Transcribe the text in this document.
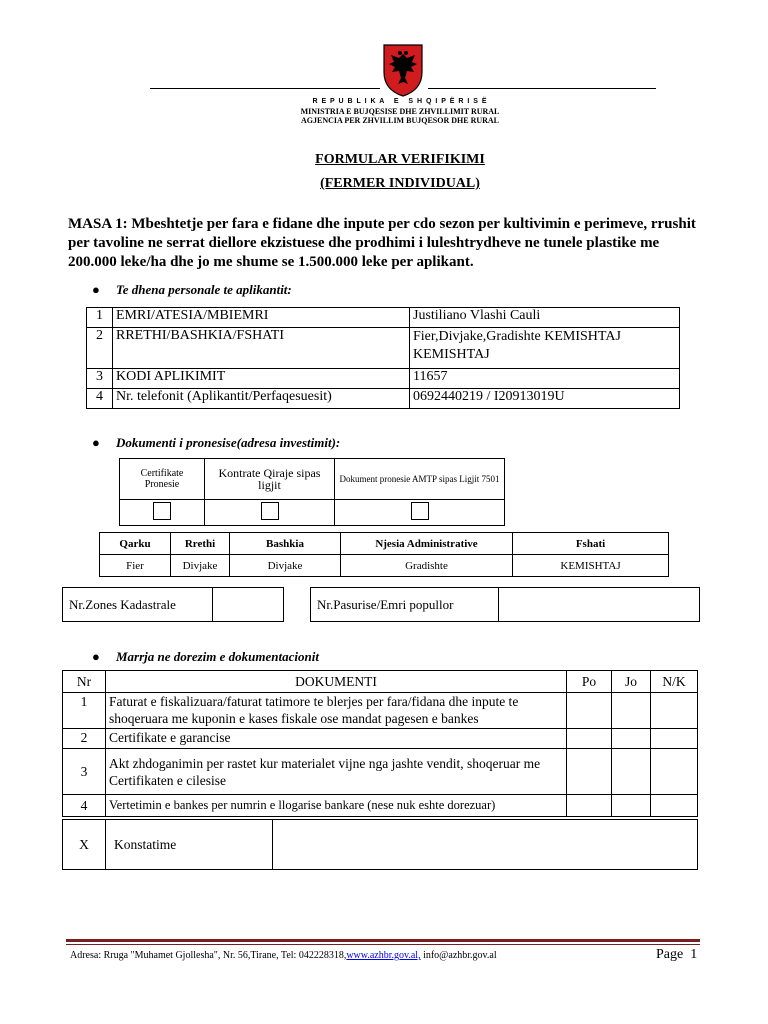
R E P U B L I K A   E   S H Q I P Ë R I S Ë
MINISTRIA E BUJQESISE DHE ZHVILLIMIT RURAL
AGJENCIA PER ZHVILLIM BUJQESOR DHE RURAL
FORMULAR VERIFIKIMI
(FERMER INDIVIDUAL)
MASA 1: Mbeshtetje per fara e fidane dhe inpute per cdo sezon per kultivimin e perimeve, rrushit per tavoline ne serrat diellore ekzistuese dhe prodhimi i luleshtrydheve ne tunele plastike me 200.000 leke/ha dhe jo me shume se 1.500.000 leke per aplikant.
● Te dhena personale te aplikantit:
1	EMRI/ATESIA/MBIEMRI	Justiliano Vlashi Cauli
2	RRETHI/BASHKIA/FSHATI	Fier,Divjake,Gradishte KEMISHTAJ KEMISHTAJ
3	KODI APLIKIMIT	11657
4	Nr. telefonit (Aplikantit/Perfaqesuesit)	0692440219 / I20913019U
● Dokumenti i pronesise(adresa investimit):
Certifikate Pronesie	Kontrate Qiraje sipas ligjit	Dokument pronesie AMTP sipas Ligjit 7501

Qarku	Rrethi	Bashkia	Njesia Administrative	Fshati
Fier	Divjake	Divjake	Gradishte	KEMISHTAJ
Nr.Zones Kadastrale		Nr.Pasurise/Emri popullor	
● Marrja ne dorezim e dokumentacionit
Nr	DOKUMENTI	Po	Jo	N/K
1	Faturat e fiskalizuara/faturat tatimore te blerjes per fara/fidana dhe inpute te shoqeruara me kuponin e kases fiskale ose mandat pagesen e bankes			
2	Certifikate e garancise			
3	Akt zhdoganimin per rastet kur materialet vijne nga jashte vendit, shoqeruar me Certifikaten e cilesise			
4	Vertetimin e bankes per numrin e llogarise bankare (nese nuk eshte dorezuar)			
X	Konstatime	
Adresa: Rruga "Muhamet Gjollesha", Nr. 56,Tirane, Tel: 042228318,www.azhbr.gov.al, info@azhbr.gov.al	Page 1
